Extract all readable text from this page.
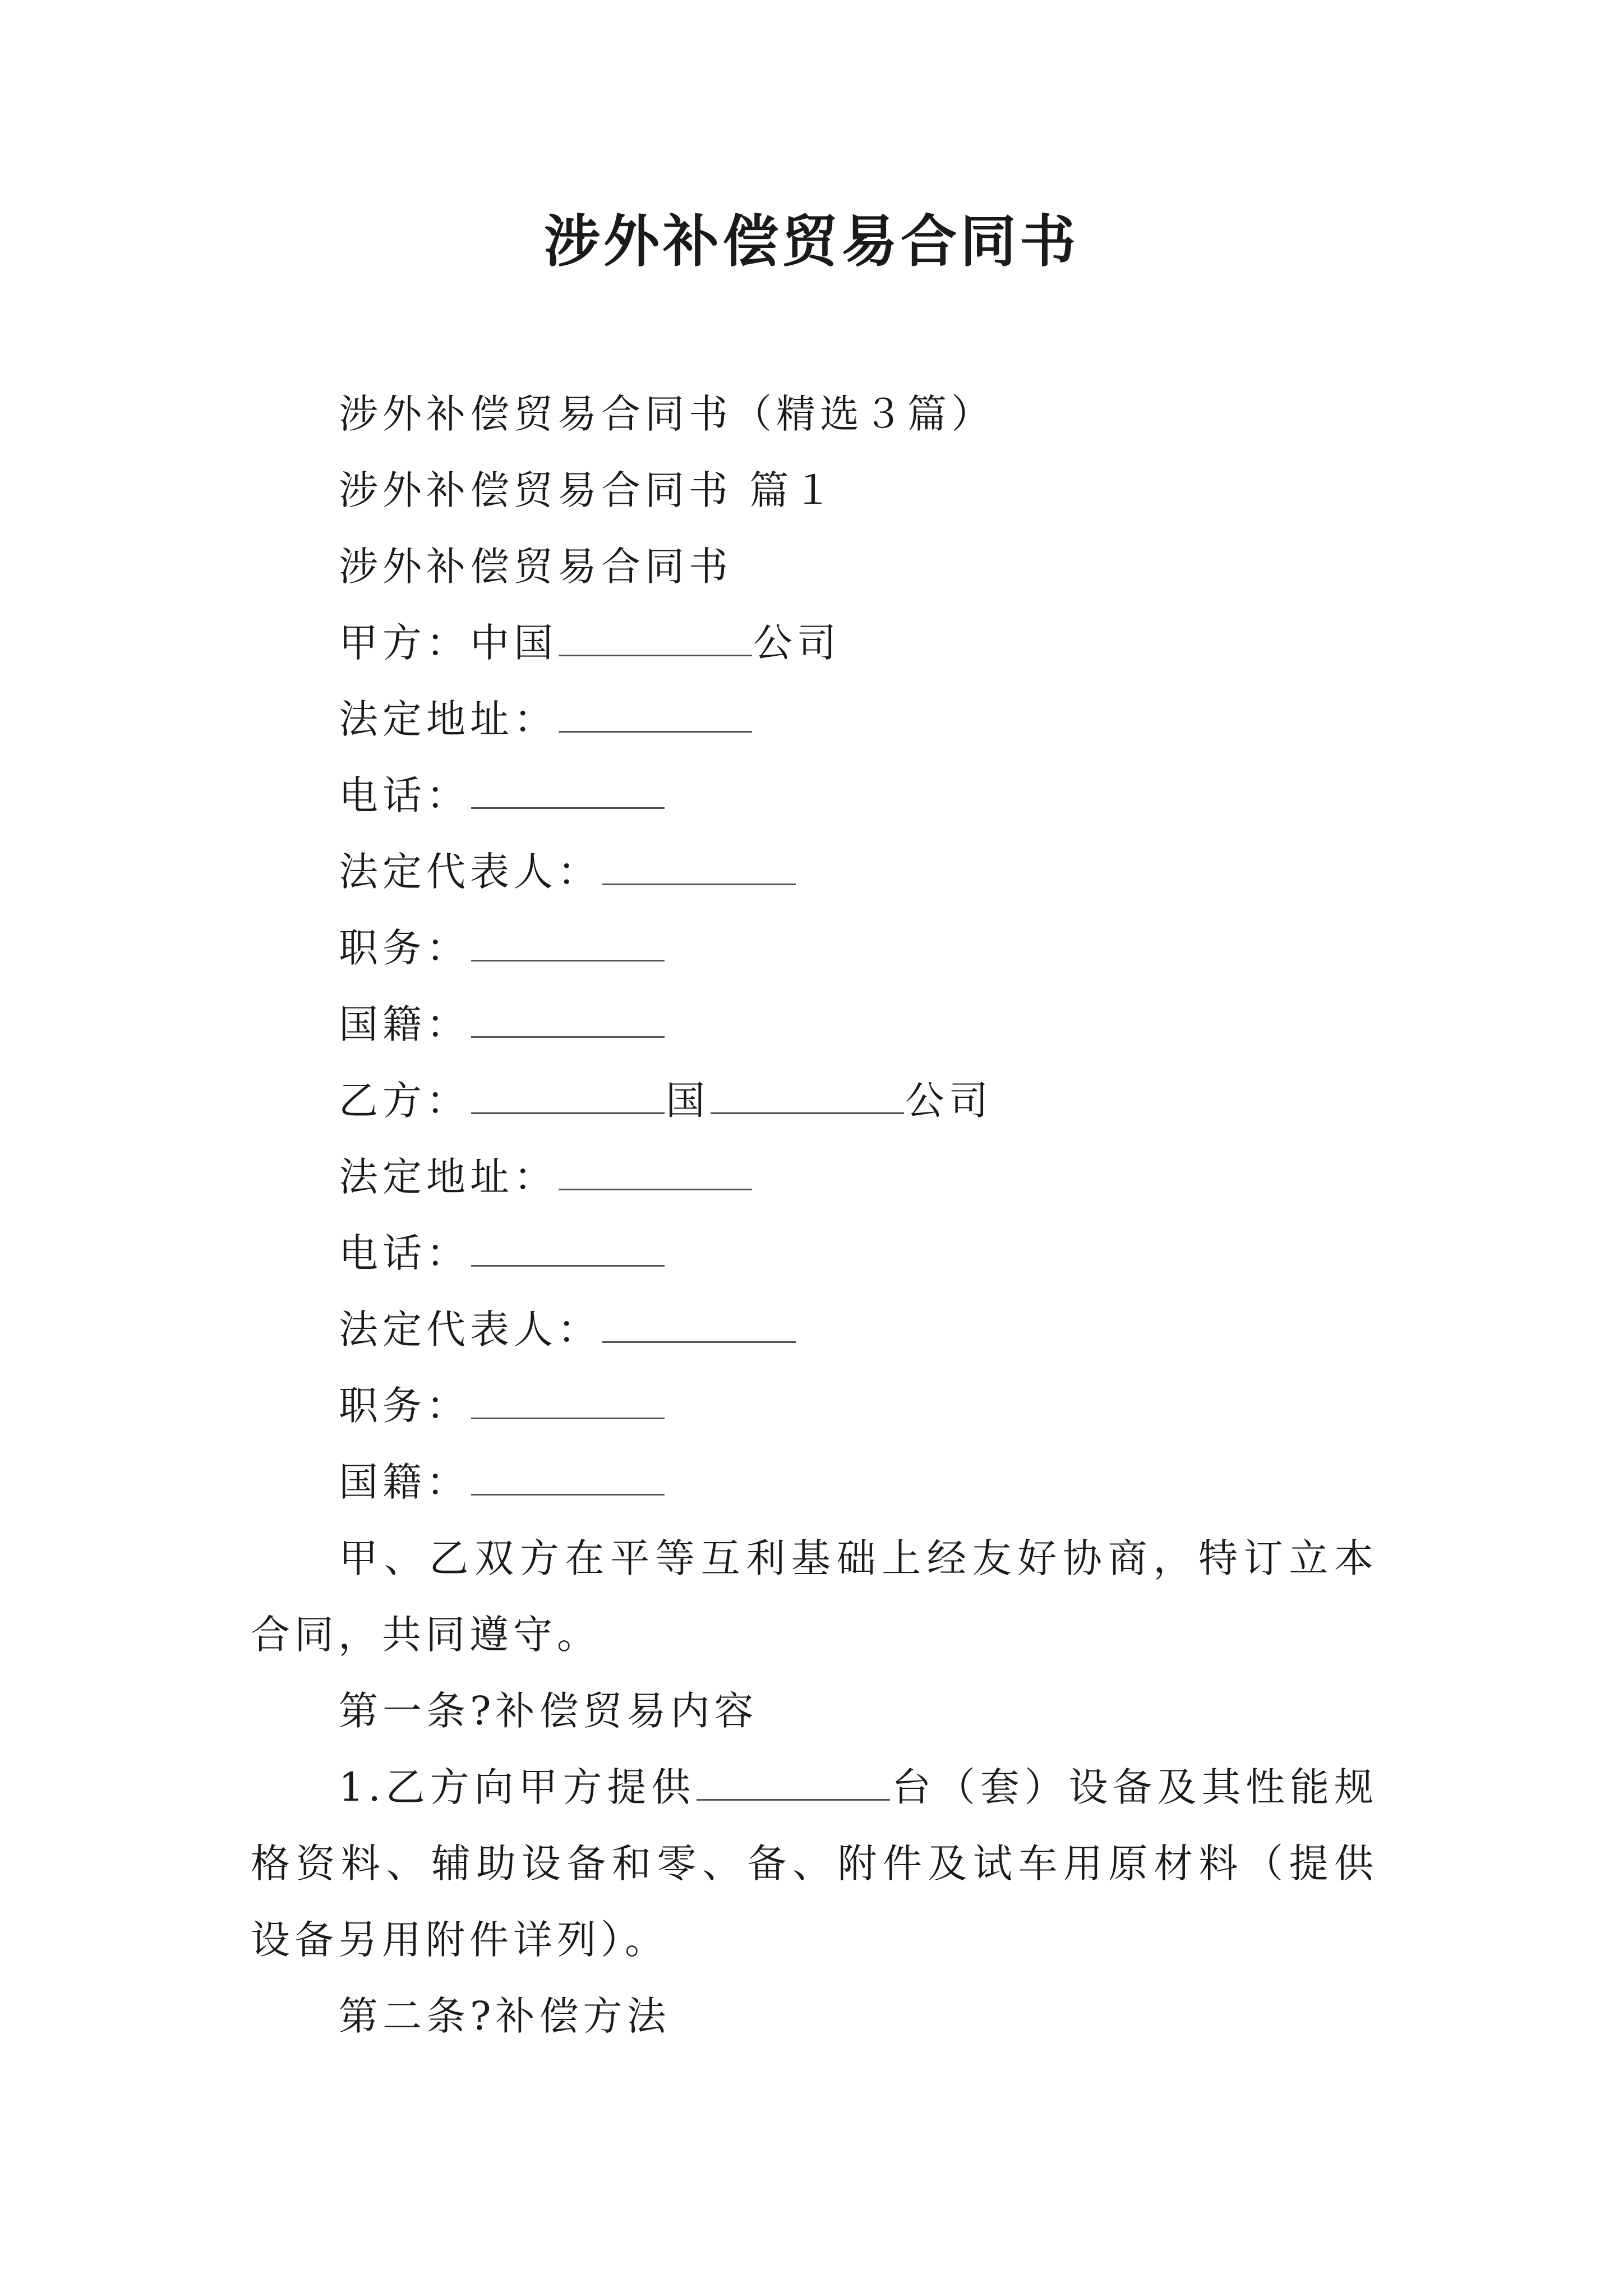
涉外补偿贸易合同书
涉外补偿贸易合同书（精选３篇）
涉外补偿贸易合同书 篇１
涉外补偿贸易合同书
甲方：中国	公司
法定地址：
电话：
法定代表人：
职务：
国籍：
乙方：	国	公司
法定地址：
电话：
法定代表人：
职务：
国籍：
甲、乙双方在平等互利基础上经友好协商，特订立本合同，共同遵守。
第一条?补偿贸易内容
1.乙方向甲方提供	台（套）设备及其性能规格资料、辅助设备和零、备、附件及试车用原材料（提供设备另用附件详列）。
第二条?补偿方法
